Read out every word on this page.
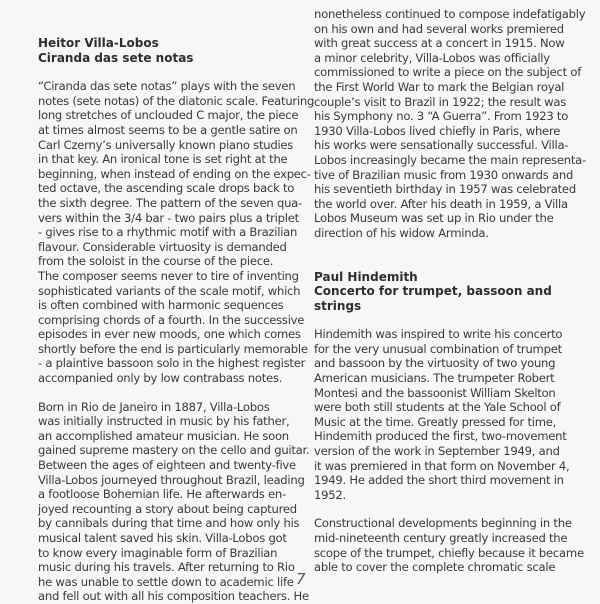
Heitor Villa-Lobos
Ciranda das sete notas
“Ciranda das sete notas” plays with the seven
notes (sete notas) of the diatonic scale. Featuring
long stretches of unclouded C major, the piece
at times almost seems to be a gentle satire on
Carl Czerny’s universally known piano studies
in that key. An ironical tone is set right at the
beginning, when instead of ending on the expec-
ted octave, the ascending scale drops back to
the sixth degree. The pattern of the seven qua-
vers within the 3/4 bar - two pairs plus a triplet
- gives rise to a rhythmic motif with a Brazilian
flavour. Considerable virtuosity is demanded
from the soloist in the course of the piece.
The composer seems never to tire of inventing
sophisticated variants of the scale motif, which
is often combined with harmonic sequences
comprising chords of a fourth. In the successive
episodes in ever new moods, one which comes
shortly before the end is particularly memorable
- a plaintive bassoon solo in the highest register
accompanied only by low contrabass notes.
Born in Rio de Janeiro in 1887, Villa-Lobos
was initially instructed in music by his father,
an accomplished amateur musician. He soon
gained supreme mastery on the cello and guitar.
Between the ages of eighteen and twenty-five
Villa-Lobos journeyed throughout Brazil, leading
a footloose Bohemian life. He afterwards en-
joyed recounting a story about being captured
by cannibals during that time and how only his
musical talent saved his skin. Villa-Lobos got
to know every imaginable form of Brazilian
music during his travels. After returning to Rio
he was unable to settle down to academic life
and fell out with all his composition teachers. He
nonetheless continued to compose indefatigably
on his own and had several works premiered
with great success at a concert in 1915. Now
a minor celebrity, Villa-Lobos was officially
commissioned to write a piece on the subject of
the First World War to mark the Belgian royal
couple’s visit to Brazil in 1922; the result was
his Symphony no. 3 “A Guerra”. From 1923 to
1930 Villa-Lobos lived chiefly in Paris, where
his works were sensationally successful. Villa-
Lobos increasingly became the main representa-
tive of Brazilian music from 1930 onwards and
his seventieth birthday in 1957 was celebrated
the world over. After his death in 1959, a Villa
Lobos Museum was set up in Rio under the
direction of his widow Arminda.
Paul Hindemith
Concerto for trumpet, bassoon and
strings
Hindemith was inspired to write his concerto
for the very unusual combination of trumpet
and bassoon by the virtuosity of two young
American musicians. The trumpeter Robert
Montesi and the bassoonist William Skelton
were both still students at the Yale School of
Music at the time. Greatly pressed for time,
Hindemith produced the first, two-movement
version of the work in September 1949, and
it was premiered in that form on November 4,
1949. He added the short third movement in
1952.
Constructional developments beginning in the
mid-nineteenth century greatly increased the
scope of the trumpet, chiefly because it became
able to cover the complete chromatic scale
7
